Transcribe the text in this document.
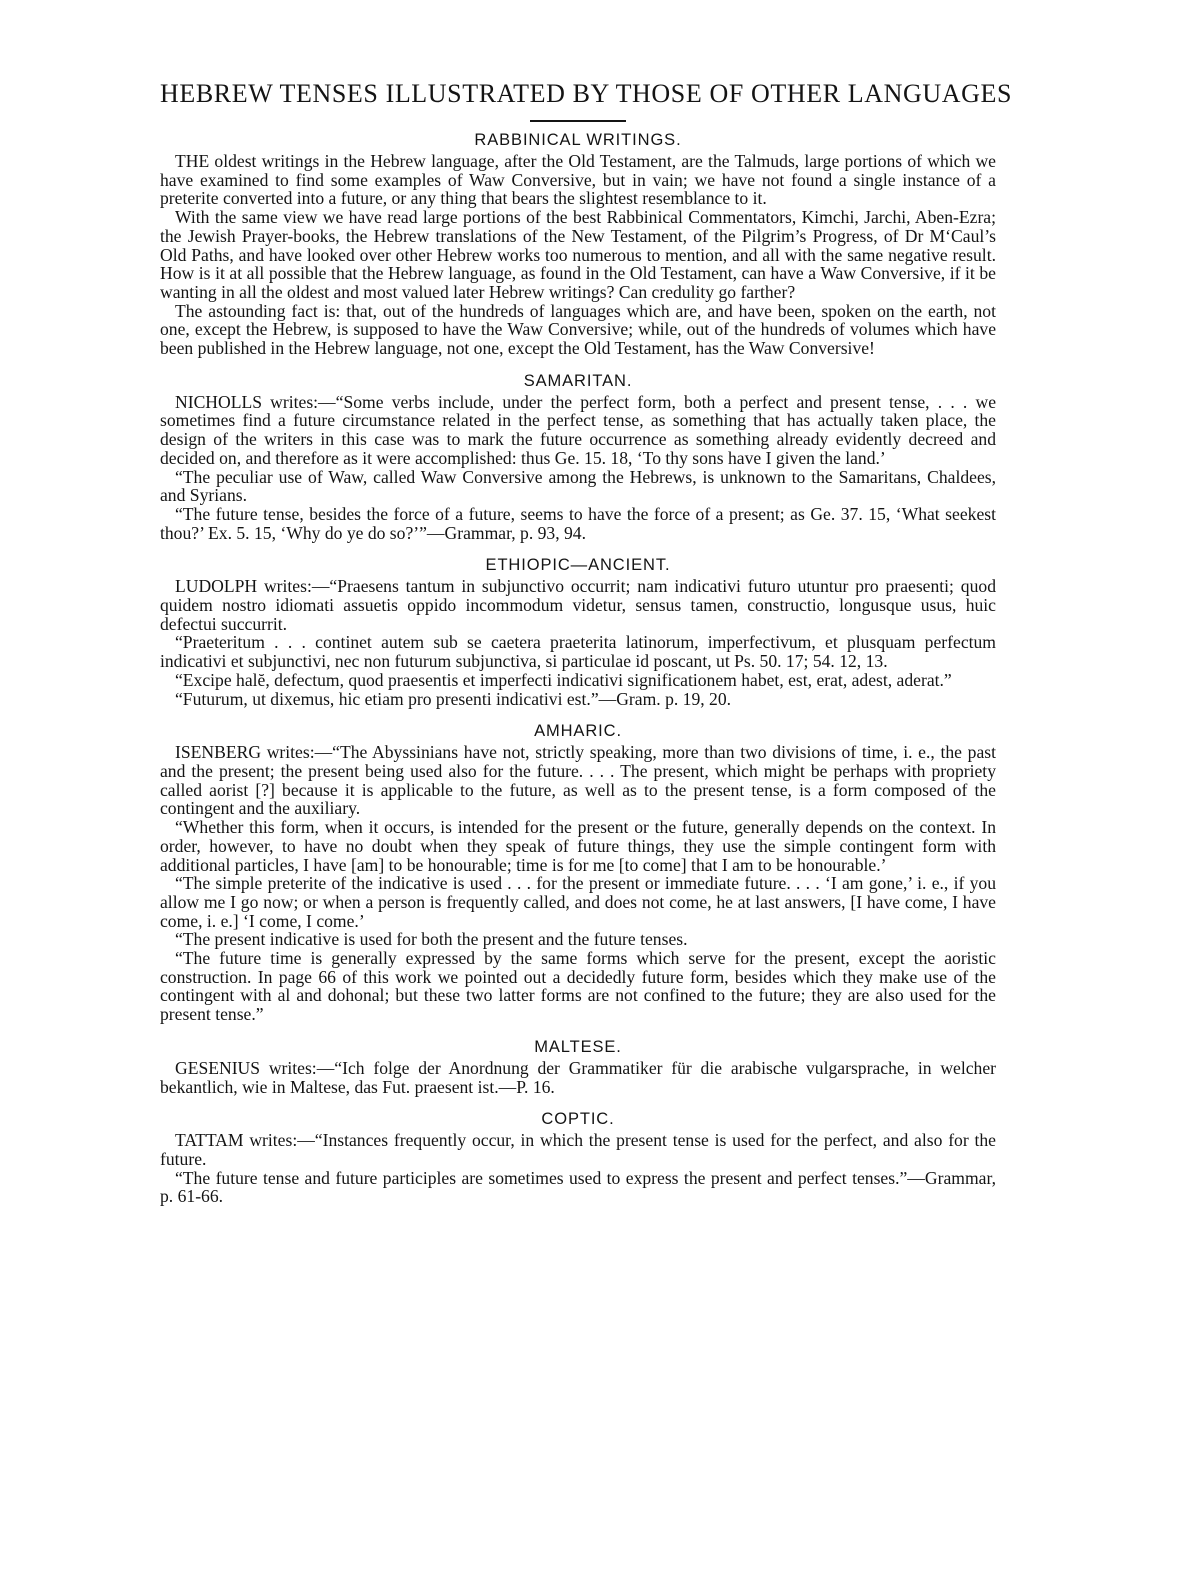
HEBREW TENSES ILLUSTRATED BY THOSE OF OTHER LANGUAGES
RABBINICAL WRITINGS.

THE oldest writings in the Hebrew language, after the Old Testament, are the Talmuds, large portions of which we have examined to find some examples of Waw Conversive, but in vain; we have not found a single instance of a preterite converted into a future, or any thing that bears the slightest resemblance to it.

With the same view we have read large portions of the best Rabbinical Commentators, Kimchi, Jarchi, Aben-Ezra; the Jewish Prayer-books, the Hebrew translations of the New Testament, of the Pilgrim’s Progress, of Dr M‘Caul’s Old Paths, and have looked over other Hebrew works too numerous to mention, and all with the same negative result. How is it at all possible that the Hebrew language, as found in the Old Testament, can have a Waw Conversive, if it be wanting in all the oldest and most valued later Hebrew writings? Can credulity go farther?

The astounding fact is: that, out of the hundreds of languages which are, and have been, spoken on the earth, not one, except the Hebrew, is supposed to have the Waw Conversive; while, out of the hundreds of volumes which have been published in the Hebrew language, not one, except the Old Testament, has the Waw Conversive!

SAMARITAN.

NICHOLLS writes:—“Some verbs include, under the perfect form, both a perfect and present tense, . . . we sometimes find a future circumstance related in the perfect tense, as something that has actually taken place, the design of the writers in this case was to mark the future occurrence as something already evidently decreed and decided on, and therefore as it were accomplished: thus Ge. 15. 18, ‘To thy sons have I given the land.’

“The peculiar use of Waw, called Waw Conversive among the Hebrews, is unknown to the Samaritans, Chaldees, and Syrians.

“The future tense, besides the force of a future, seems to have the force of a present; as Ge. 37. 15, ‘What seekest thou?’ Ex. 5. 15, ‘Why do ye do so?’”—Grammar, p. 93, 94.

ETHIOPIC—ANCIENT.

LUDOLPH writes:—“Praesens tantum in subjunctivo occurrit; nam indicativi futuro utuntur pro praesenti; quod quidem nostro idiomati assuetis oppido incommodum videtur, sensus tamen, constructio, longusque usus, huic defectui succurrit.

“Praeteritum . . . continet autem sub se caetera praeterita latinorum, imperfectivum, et plusquam perfectum indicativi et subjunctivi, nec non futurum subjunctiva, si particulae id poscant, ut Ps. 50. 17; 54. 12, 13.

“Excipe halĕ, defectum, quod praesentis et imperfecti indicativi significationem habet, est, erat, adest, aderat.”

“Futurum, ut dixemus, hic etiam pro presenti indicativi est.”—Gram. p. 19, 20.

AMHARIC.

ISENBERG writes:—“The Abyssinians have not, strictly speaking, more than two divisions of time, i. e., the past and the present; the present being used also for the future. . . . The present, which might be perhaps with propriety called aorist [?] because it is applicable to the future, as well as to the present tense, is a form composed of the contingent and the auxiliary.

“Whether this form, when it occurs, is intended for the present or the future, generally depends on the context. In order, however, to have no doubt when they speak of future things, they use the simple contingent form with additional particles, I have [am] to be honourable; time is for me [to come] that I am to be honourable.’

“The simple preterite of the indicative is used . . . for the present or immediate future. . . . ‘I am gone,’ i. e., if you allow me I go now; or when a person is frequently called, and does not come, he at last answers, [I have come, I have come, i. e.] ‘I come, I come.’

“The present indicative is used for both the present and the future tenses.

“The future time is generally expressed by the same forms which serve for the present, except the aoristic construction. In page 66 of this work we pointed out a decidedly future form, besides which they make use of the contingent with al and dohonal; but these two latter forms are not confined to the future; they are also used for the present tense.”

MALTESE.

GESENIUS writes:—“Ich folge der Anordnung der Grammatiker für die arabische vulgarsprache, in welcher bekantlich, wie in Maltese, das Fut. praesent ist.—P. 16.

COPTIC.

TATTAM writes:—“Instances frequently occur, in which the present tense is used for the perfect, and also for the future.

“The future tense and future participles are sometimes used to express the present and perfect tenses.”—Grammar, p. 61-66.
